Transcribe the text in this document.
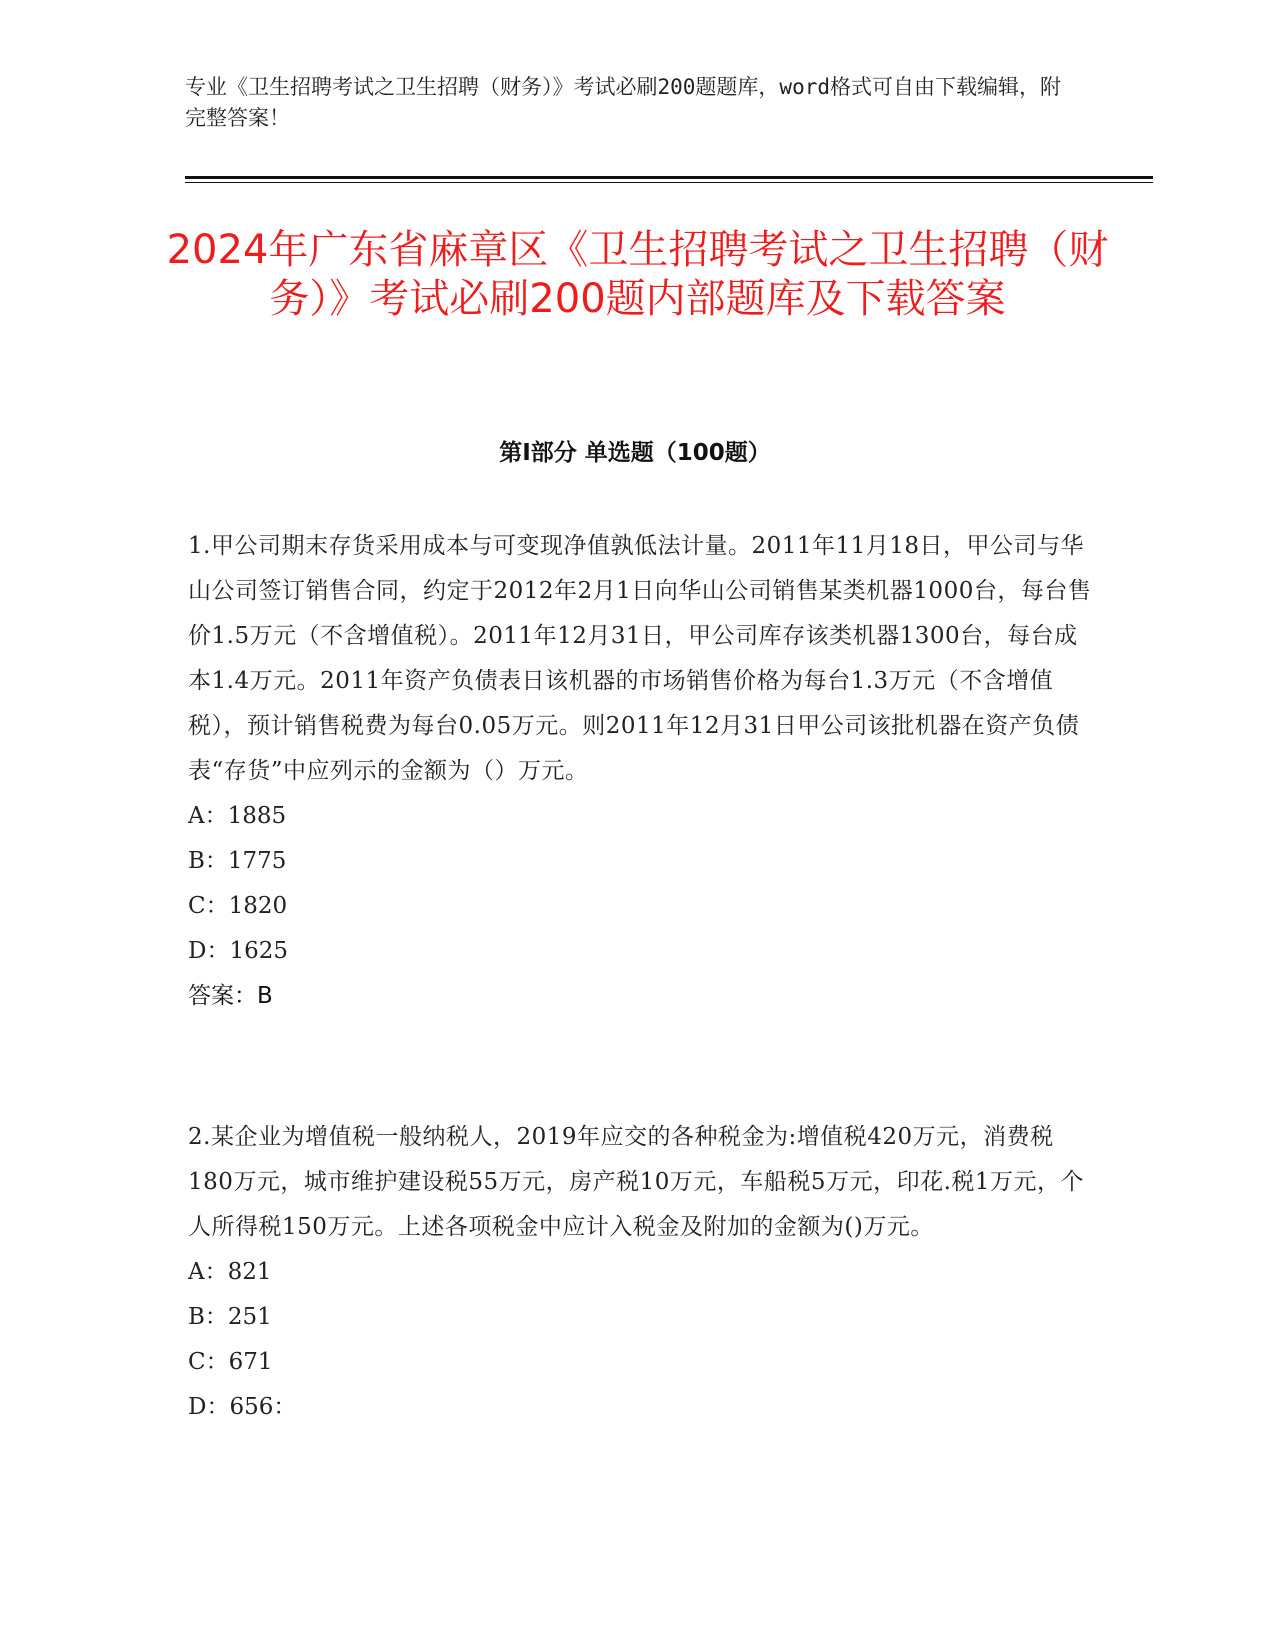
专业《卫生招聘考试之卫生招聘（财务）》考试必刷200题题库，word格式可自由下载编辑，附完整答案！
2024年广东省麻章区《卫生招聘考试之卫生招聘（财务）》考试必刷200题内部题库及下载答案
第Ⅰ部分 单选题（100题）

1.甲公司期末存货采用成本与可变现净值孰低法计量。2011年11月18日，甲公司与华山公司签订销售合同，约定于2012年2月1日向华山公司销售某类机器1000台，每台售价1.5万元（不含增值税）。2011年12月31日，甲公司库存该类机器1300台，每台成本1.4万元。2011年资产负债表日该机器的市场销售价格为每台1.3万元（不含增值税），预计销售税费为每台0.05万元。则2011年12月31日甲公司该批机器在资产负债表“存货”中应列示的金额为（）万元。

A：1885

B：1775

C：1820

D：1625

答案：B

2.某企业为增值税一般纳税人，2019年应交的各种税金为:增值税420万元，消费税180万元，城市维护建设税55万元，房产税10万元，车船税5万元，印花.税1万元，个人所得税150万元。上述各项税金中应计入税金及附加的金额为()万元。

A：821

B：251

C：671

D：656：
